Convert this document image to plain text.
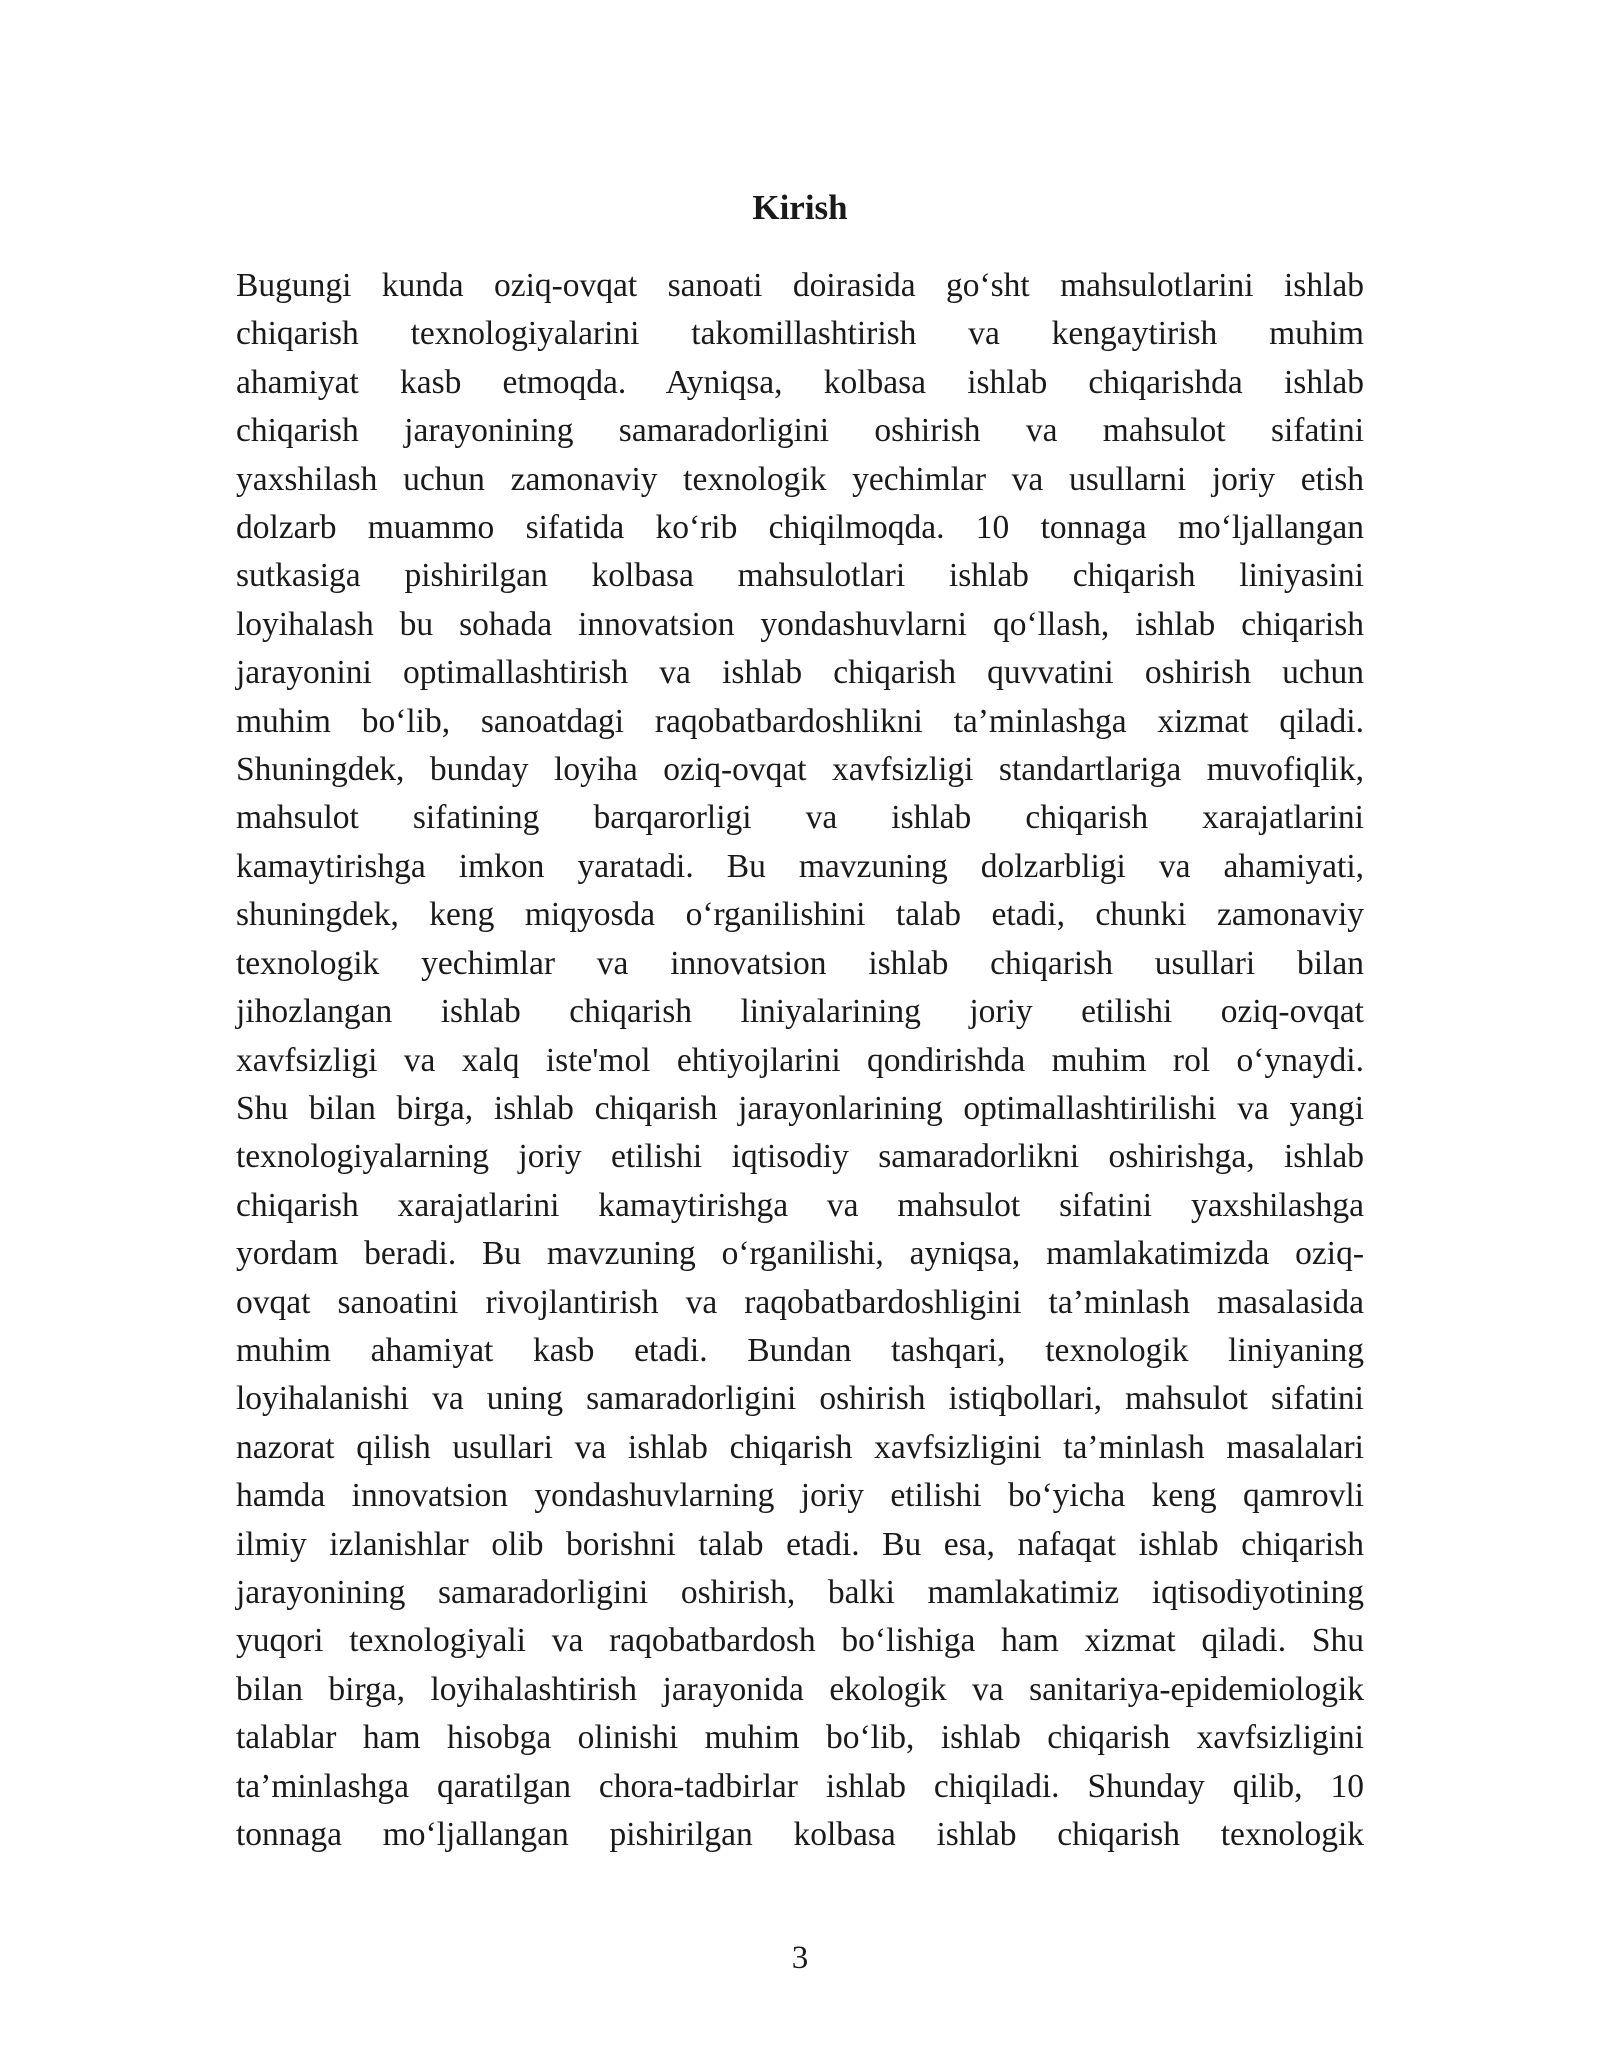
Kirish
Bugungi kunda oziq-ovqat sanoati doirasida go‘sht mahsulotlarini ishlab
chiqarish texnologiyalarini takomillashtirish va kengaytirish muhim
ahamiyat kasb etmoqda. Ayniqsa, kolbasa ishlab chiqarishda ishlab
chiqarish jarayonining samaradorligini oshirish va mahsulot sifatini
yaxshilash uchun zamonaviy texnologik yechimlar va usullarni joriy etish
dolzarb muammo sifatida ko‘rib chiqilmoqda. 10 tonnaga mo‘ljallangan
sutkasiga pishirilgan kolbasa mahsulotlari ishlab chiqarish liniyasini
loyihalash bu sohada innovatsion yondashuvlarni qo‘llash, ishlab chiqarish
jarayonini optimallashtirish va ishlab chiqarish quvvatini oshirish uchun
muhim bo‘lib, sanoatdagi raqobatbardoshlikni ta’minlashga xizmat qiladi.
Shuningdek, bunday loyiha oziq-ovqat xavfsizligi standartlariga muvofiqlik,
mahsulot sifatining barqarorligi va ishlab chiqarish xarajatlarini
kamaytirishga imkon yaratadi. Bu mavzuning dolzarbligi va ahamiyati,
shuningdek, keng miqyosda o‘rganilishini talab etadi, chunki zamonaviy
texnologik yechimlar va innovatsion ishlab chiqarish usullari bilan
jihozlangan ishlab chiqarish liniyalarining joriy etilishi oziq-ovqat
xavfsizligi va xalq iste'mol ehtiyojlarini qondirishda muhim rol o‘ynaydi.
Shu bilan birga, ishlab chiqarish jarayonlarining optimallashtirilishi va yangi
texnologiyalarning joriy etilishi iqtisodiy samaradorlikni oshirishga, ishlab
chiqarish xarajatlarini kamaytirishga va mahsulot sifatini yaxshilashga
yordam beradi. Bu mavzuning o‘rganilishi, ayniqsa, mamlakatimizda oziq-
ovqat sanoatini rivojlantirish va raqobatbardoshligini ta’minlash masalasida
muhim ahamiyat kasb etadi. Bundan tashqari, texnologik liniyaning
loyihalanishi va uning samaradorligini oshirish istiqbollari, mahsulot sifatini
nazorat qilish usullari va ishlab chiqarish xavfsizligini ta’minlash masalalari
hamda innovatsion yondashuvlarning joriy etilishi bo‘yicha keng qamrovli
ilmiy izlanishlar olib borishni talab etadi. Bu esa, nafaqat ishlab chiqarish
jarayonining samaradorligini oshirish, balki mamlakatimiz iqtisodiyotining
yuqori texnologiyali va raqobatbardosh bo‘lishiga ham xizmat qiladi. Shu
bilan birga, loyihalashtirish jarayonida ekologik va sanitariya-epidemiologik
talablar ham hisobga olinishi muhim bo‘lib, ishlab chiqarish xavfsizligini
ta’minlashga qaratilgan chora-tadbirlar ishlab chiqiladi. Shunday qilib, 10
tonnaga mo‘ljallangan pishirilgan kolbasa ishlab chiqarish texnologik
3
